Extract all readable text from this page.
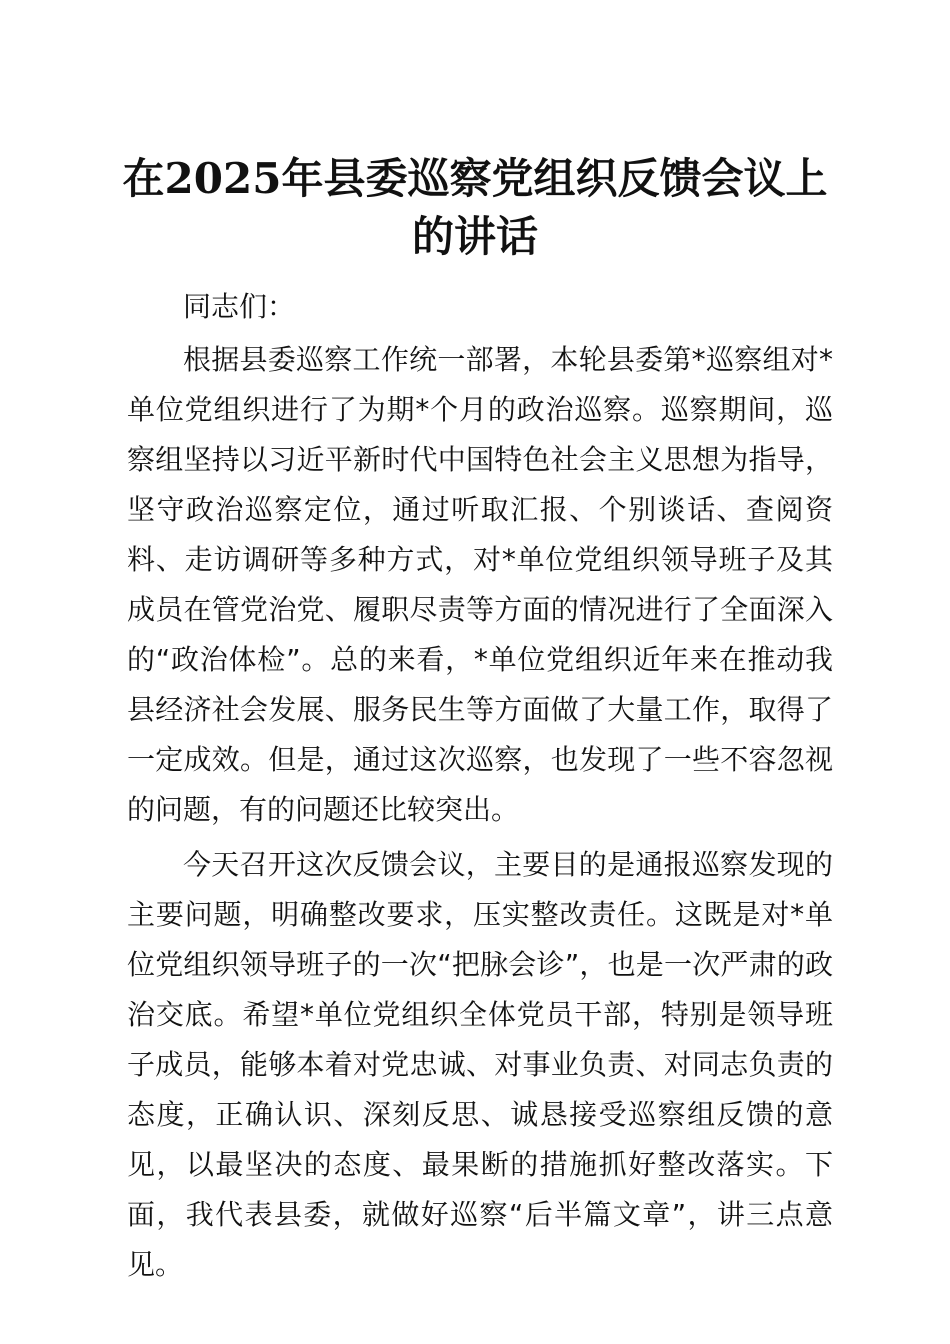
在2025年县委巡察党组织反馈会议上的讲话

同志们：

根据县委巡察工作统一部署，本轮县委第*巡察组对*单位党组织进行了为期*个月的政治巡察。巡察期间，巡察组坚持以习近平新时代中国特色社会主义思想为指导，坚守政治巡察定位，通过听取汇报、个别谈话、查阅资料、走访调研等多种方式，对*单位党组织领导班子及其成员在管党治党、履职尽责等方面的情况进行了全面深入的“政治体检”。总的来看，*单位党组织近年来在推动我县经济社会发展、服务民生等方面做了大量工作，取得了一定成效。但是，通过这次巡察，也发现了一些不容忽视的问题，有的问题还比较突出。

今天召开这次反馈会议，主要目的是通报巡察发现的主要问题，明确整改要求，压实整改责任。这既是对*单位党组织领导班子的一次“把脉会诊”，也是一次严肃的政治交底。希望*单位党组织全体党员干部，特别是领导班子成员，能够本着对党忠诚、对事业负责、对同志负责的态度，正确认识、深刻反思、诚恳接受巡察组反馈的意见，以最坚决的态度、最果断的措施抓好整改落实。下面，我代表县委，就做好巡察“后半篇文章”，讲三点意见。
